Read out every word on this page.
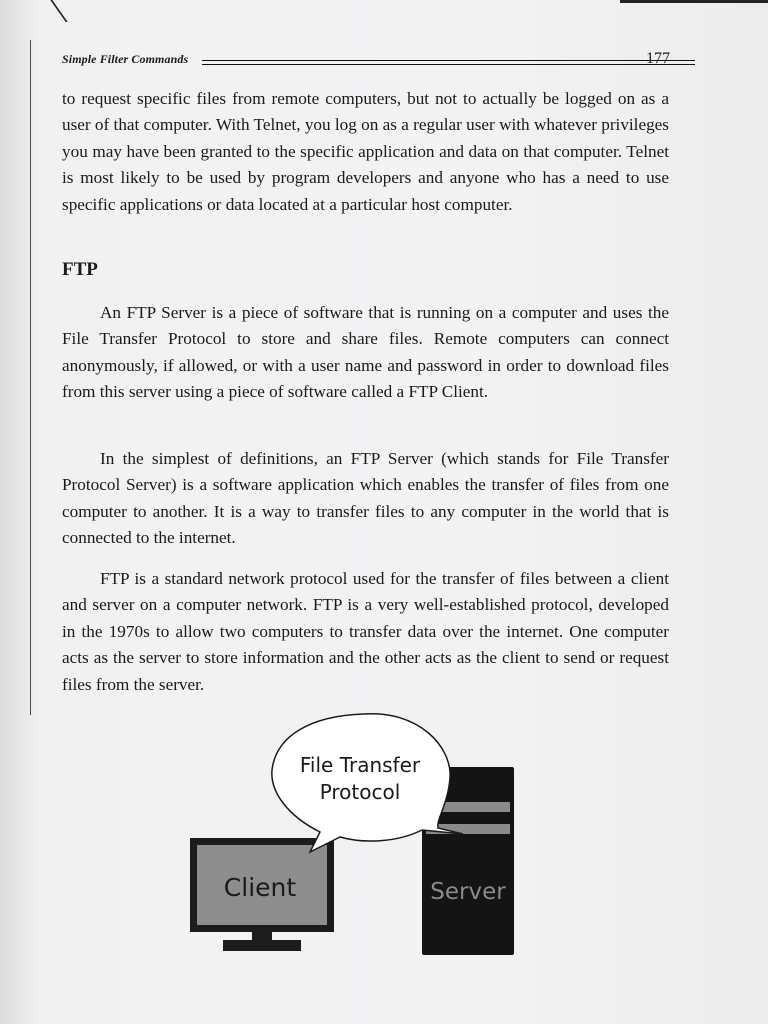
Simple Filter Commands	177

to request specific files from remote computers, but not to actually be logged on as a user of that computer. With Telnet, you log on as a regular user with whatever privileges you may have been granted to the specific application and data on that computer. Telnet is most likely to be used by program developers and anyone who has a need to use specific applications or data located at a particular host computer.

FTP

An FTP Server is a piece of software that is running on a computer and uses the File Transfer Protocol to store and share files. Remote computers can connect anonymously, if allowed, or with a user name and password in order to download files from this server using a piece of software called a FTP Client.

In the simplest of definitions, an FTP Server (which stands for File Transfer Protocol Server) is a software application which enables the transfer of files from one computer to another. It is a way to transfer files to any computer in the world that is connected to the internet.

FTP is a standard network protocol used for the transfer of files between a client and server on a computer network. FTP is a very well-established protocol, developed in the 1970s to allow two computers to transfer data over the internet. One computer acts as the server to store information and the other acts as the client to send or request files from the server.

Server
Client
File Transfer
Protocol
